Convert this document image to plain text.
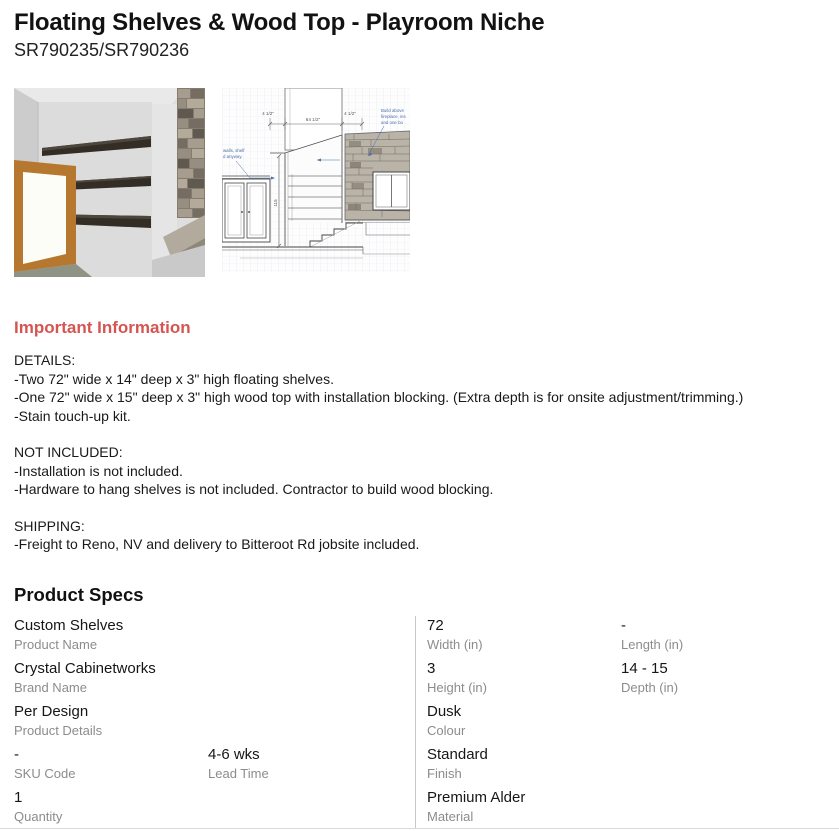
Floating Shelves & Wood Top - Playroom Niche
SR790235/SR790236
4 1/2"
64 1/2"
4 1/2"
115
Build above
fireplace, ins
and one bo
walls, shelf
d anyway.
Important Information
DETAILS:
-Two 72" wide x 14" deep x 3" high floating shelves.
-One 72" wide x 15" deep x 3" high wood top with installation blocking. (Extra depth is for onsite adjustment/trimming.)
-Stain touch-up kit.
NOT INCLUDED:
-Installation is not included.
-Hardware to hang shelves is not included. Contractor to build wood blocking.
SHIPPING:
-Freight to Reno, NV and delivery to Bitteroot Rd jobsite included.
Product Specs
Custom Shelves
Product Name
Crystal Cabinetworks
Brand Name
Per Design
Product Details
-
SKU Code
4-6 wks
Lead Time
1
Quantity
72
Width (in)
-
Length (in)
3
Height (in)
14 - 15
Depth (in)
Dusk
Colour
Standard
Finish
Premium Alder
Material
